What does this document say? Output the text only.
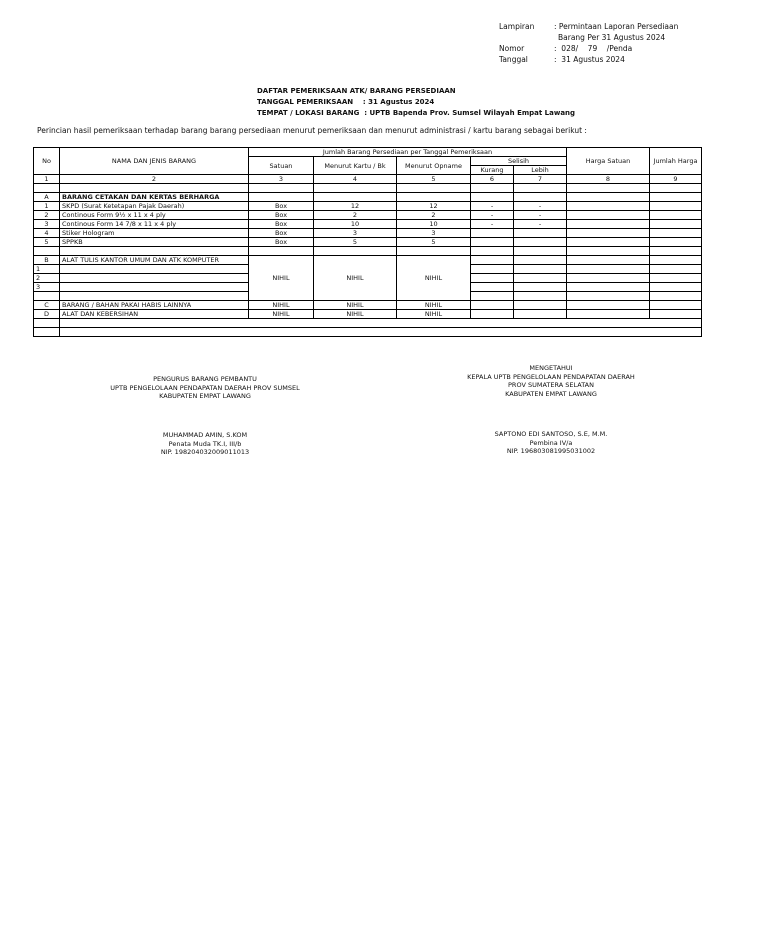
Lampiran	: Permintaan Laporan Persediaan
Barang Per 31 Agustus 2024
Nomor	:  028/    79    /Penda
Tanggal	:  31 Agustus 2024
DAFTAR PEMERIKSAAN ATK/ BARANG PERSEDIAAN
TANGGAL PEMERIKSAAN : 31 Agustus 2024
TEMPAT / LOKASI BARANG : UPTB Bapenda Prov. Sumsel Wilayah Empat Lawang
Perincian hasil pemeriksaan terhadap barang barang persediaan menurut pemeriksaan dan menurut administrasi / kartu barang sebagai berikut :
No	NAMA DAN JENIS BARANG	Jumlah Barang Persediaan per Tanggal Pemeriksaan					Harga Satuan	Jumlah Harga
		Satuan	Menurut Kartu / Bk	Menurut Opname	Selisih			
					Kurang	Lebih		
1	2	3	4	5	6	7	8	9

A	BARANG CETAKAN DAN KERTAS BERHARGA							
1	SKPD (Surat Ketetapan Pajak Daerah)	Box	12	12	-	-		
2	Continous Form 9½ x 11 x 4 ply	Box	2	2	-	-		
3	Continous Form 14 7/8 x 11 x 4 ply	Box	10	10	-	-		
4	Stiker Hologram	Box	3	3				
5	SPPKB	Box	5	5				

B	ALAT TULIS KANTOR UMUM DAN ATK KOMPUTER	NIHIL	NIHIL	NIHIL				
1								
2								
3								

C	BARANG / BAHAN PAKAI HABIS LAINNYA	NIHIL	NIHIL	NIHIL				
D	ALAT DAN KEBERSIHAN	NIHIL	NIHIL	NIHIL				

PENGURUS BARANG PEMBANTU
UPTB PENGELOLAAN PENDAPATAN DAERAH PROV SUMSEL
KABUPATEN EMPAT LAWANG
MUHAMMAD AMIN, S.KOM
Penata Muda TK.I, III/b
NIP. 198204032009011013
MENGETAHUI
KEPALA UPTB PENGELOLAAN PENDAPATAN DAERAH
PROV SUMATERA SELATAN
KABUPATEN EMPAT LAWANG
SAPTONO EDI SANTOSO, S.E, M.M.
Pembina IV/a
NIP. 196803081995031002
